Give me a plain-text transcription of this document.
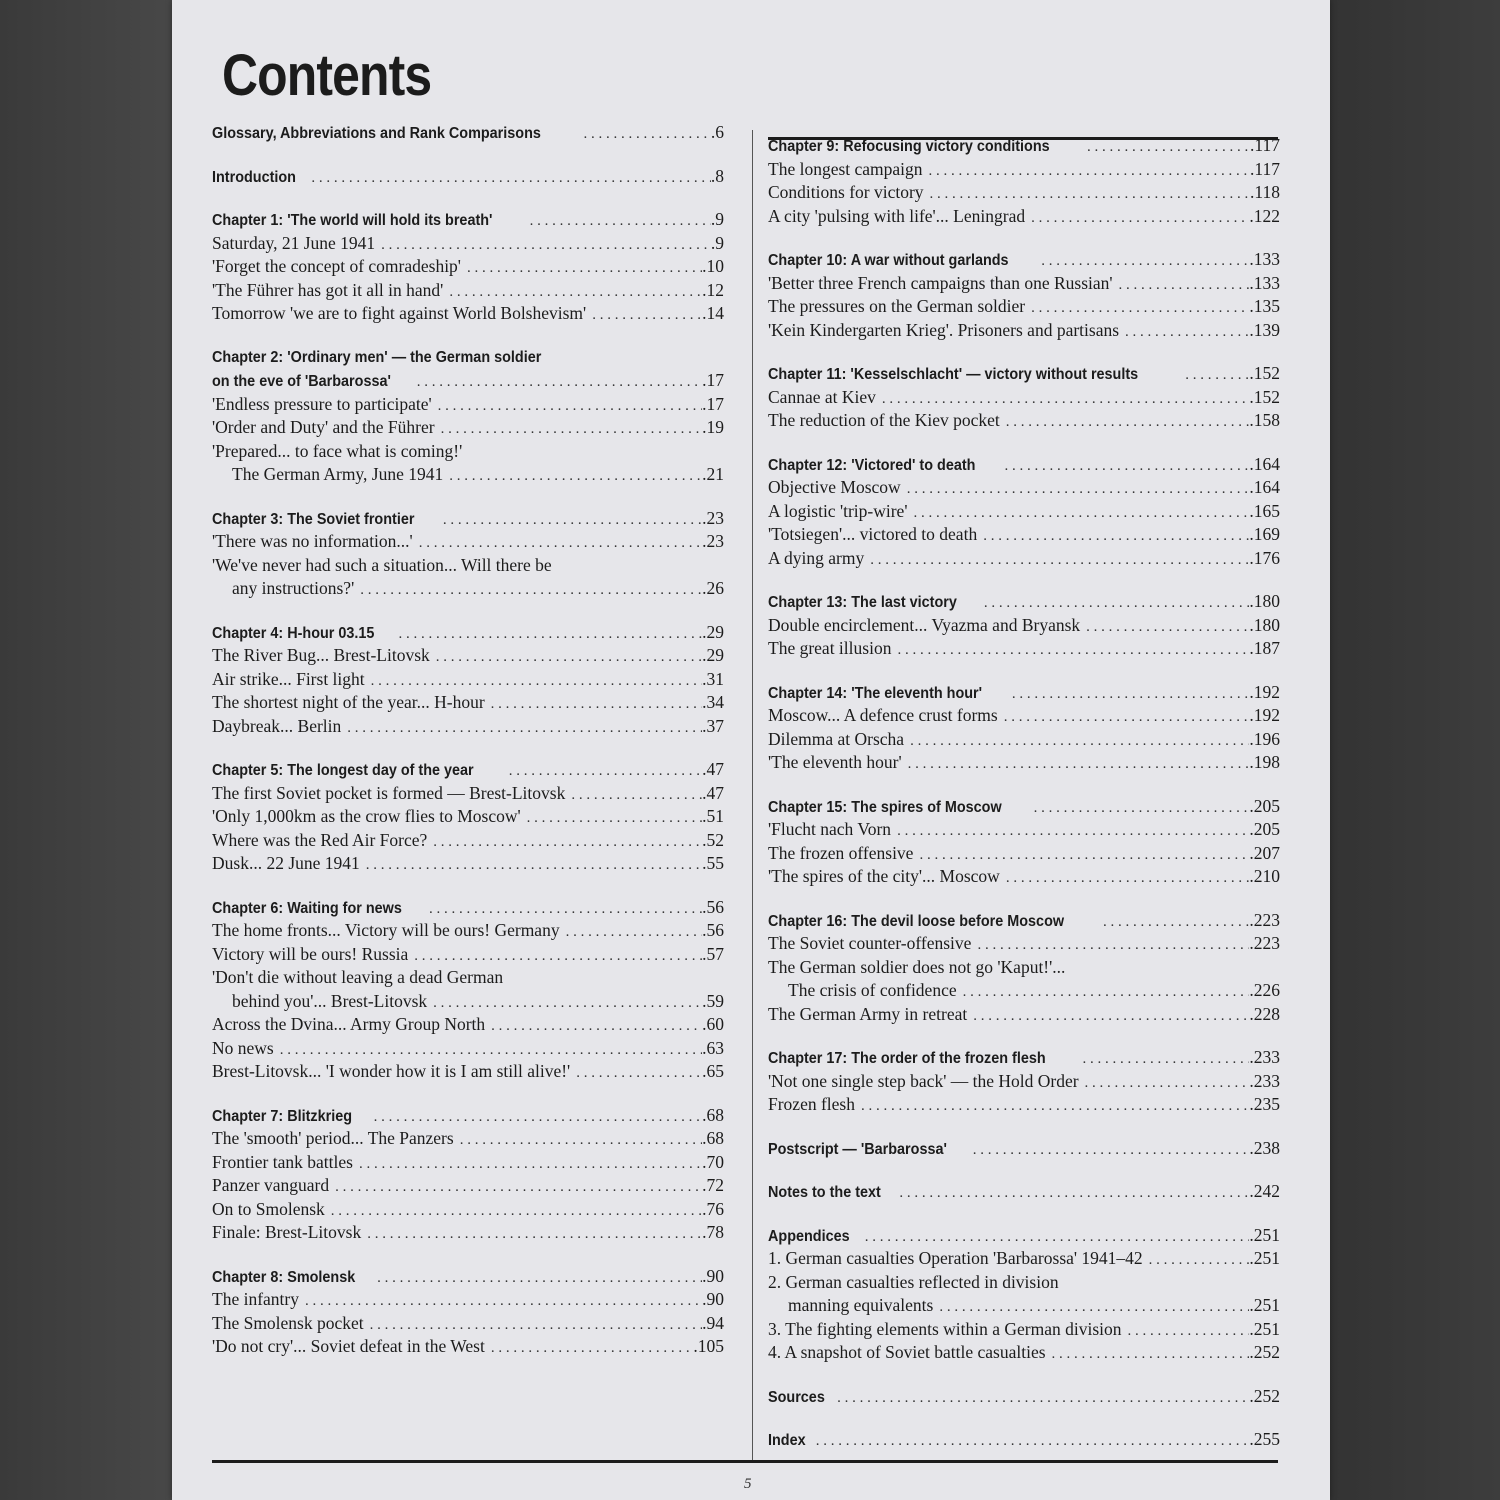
Contents
Glossary, Abbreviations and Rank Comparisons . . .	.6
Introduction . . .	.8
Chapter 1: 'The world will hold its breath' . . .	.9
Saturday, 21 June 1941 . . .	.9
'Forget the concept of comradeship' . . .	.10
'The Führer has got it all in hand' . . .	.12
Tomorrow 'we are to fight against World Bolshevism' . . .	.14
Chapter 2: 'Ordinary men' — the German soldier
on the eve of 'Barbarossa' . . .	.17
'Endless pressure to participate' . . .	.17
'Order and Duty' and the Führer . . .	.19
'Prepared... to face what is coming!'
The German Army, June 1941 . . .	.21
Chapter 3: The Soviet frontier . . .	.23
'There was no information...' . . .	.23
'We've never had such a situation... Will there be
any instructions?' . . .	.26
Chapter 4: H-hour 03.15 . . .	.29
The River Bug... Brest-Litovsk . . .	.29
Air strike... First light . . .	.31
The shortest night of the year... H-hour . . .	.34
Daybreak... Berlin . . .	.37
Chapter 5: The longest day of the year . . .	.47
The first Soviet pocket is formed — Brest-Litovsk . . .	.47
'Only 1,000km as the crow flies to Moscow' . . .	.51
Where was the Red Air Force? . . .	.52
Dusk... 22 June 1941 . . .	.55
Chapter 6: Waiting for news . . .	.56
The home fronts... Victory will be ours! Germany . . .	.56
Victory will be ours! Russia . . .	.57
'Don't die without leaving a dead German
behind you'... Brest-Litovsk . . .	.59
Across the Dvina... Army Group North . . .	.60
No news . . .	.63
Brest-Litovsk... 'I wonder how it is I am still alive!' . . .	.65
Chapter 7: Blitzkrieg . . .	.68
The 'smooth' period... The Panzers . . .	.68
Frontier tank battles . . .	.70
Panzer vanguard . . .	.72
On to Smolensk . . .	.76
Finale: Brest-Litovsk . . .	.78
Chapter 8: Smolensk . . .	.90
The infantry . . .	.90
The Smolensk pocket . . .	.94
'Do not cry'... Soviet defeat in the West . . .	.105
Chapter 9: Refocusing victory conditions . . .	.117
The longest campaign . . .	.117
Conditions for victory . . .	.118
A city 'pulsing with life'... Leningrad . . .	.122
Chapter 10: A war without garlands . . .	.133
'Better three French campaigns than one Russian' . . .	.133
The pressures on the German soldier . . .	.135
'Kein Kindergarten Krieg'. Prisoners and partisans . . .	.139
Chapter 11: 'Kesselschlacht' — victory without results . . .	.152
Cannae at Kiev . . .	.152
The reduction of the Kiev pocket . . .	.158
Chapter 12: 'Victored' to death . . .	.164
Objective Moscow . . .	.164
A logistic 'trip-wire' . . .	.165
'Totsiegen'... victored to death . . .	.169
A dying army . . .	.176
Chapter 13: The last victory . . .	.180
Double encirclement... Vyazma and Bryansk . . .	.180
The great illusion . . .	.187
Chapter 14: 'The eleventh hour' . . .	.192
Moscow... A defence crust forms . . .	.192
Dilemma at Orscha . . .	.196
'The eleventh hour' . . .	.198
Chapter 15: The spires of Moscow . . .	.205
'Flucht nach Vorn . . .	.205
The frozen offensive . . .	.207
'The spires of the city'... Moscow . . .	.210
Chapter 16: The devil loose before Moscow . . .	.223
The Soviet counter-offensive . . .	.223
The German soldier does not go 'Kaput!'...
The crisis of confidence . . .	.226
The German Army in retreat . . .	.228
Chapter 17: The order of the frozen flesh . . .	.233
'Not one single step back' — the Hold Order . . .	.233
Frozen flesh . . .	.235
Postscript — 'Barbarossa' . . .	.238
Notes to the text . . .	.242
Appendices . . .	.251
1. German casualties Operation 'Barbarossa' 1941–42 . . .	.251
2. German casualties reflected in division
manning equivalents . . .	.251
3. The fighting elements within a German division . . .	.251
4. A snapshot of Soviet battle casualties . . .	.252
Sources . . .	.252
Index . . .	.255
5
